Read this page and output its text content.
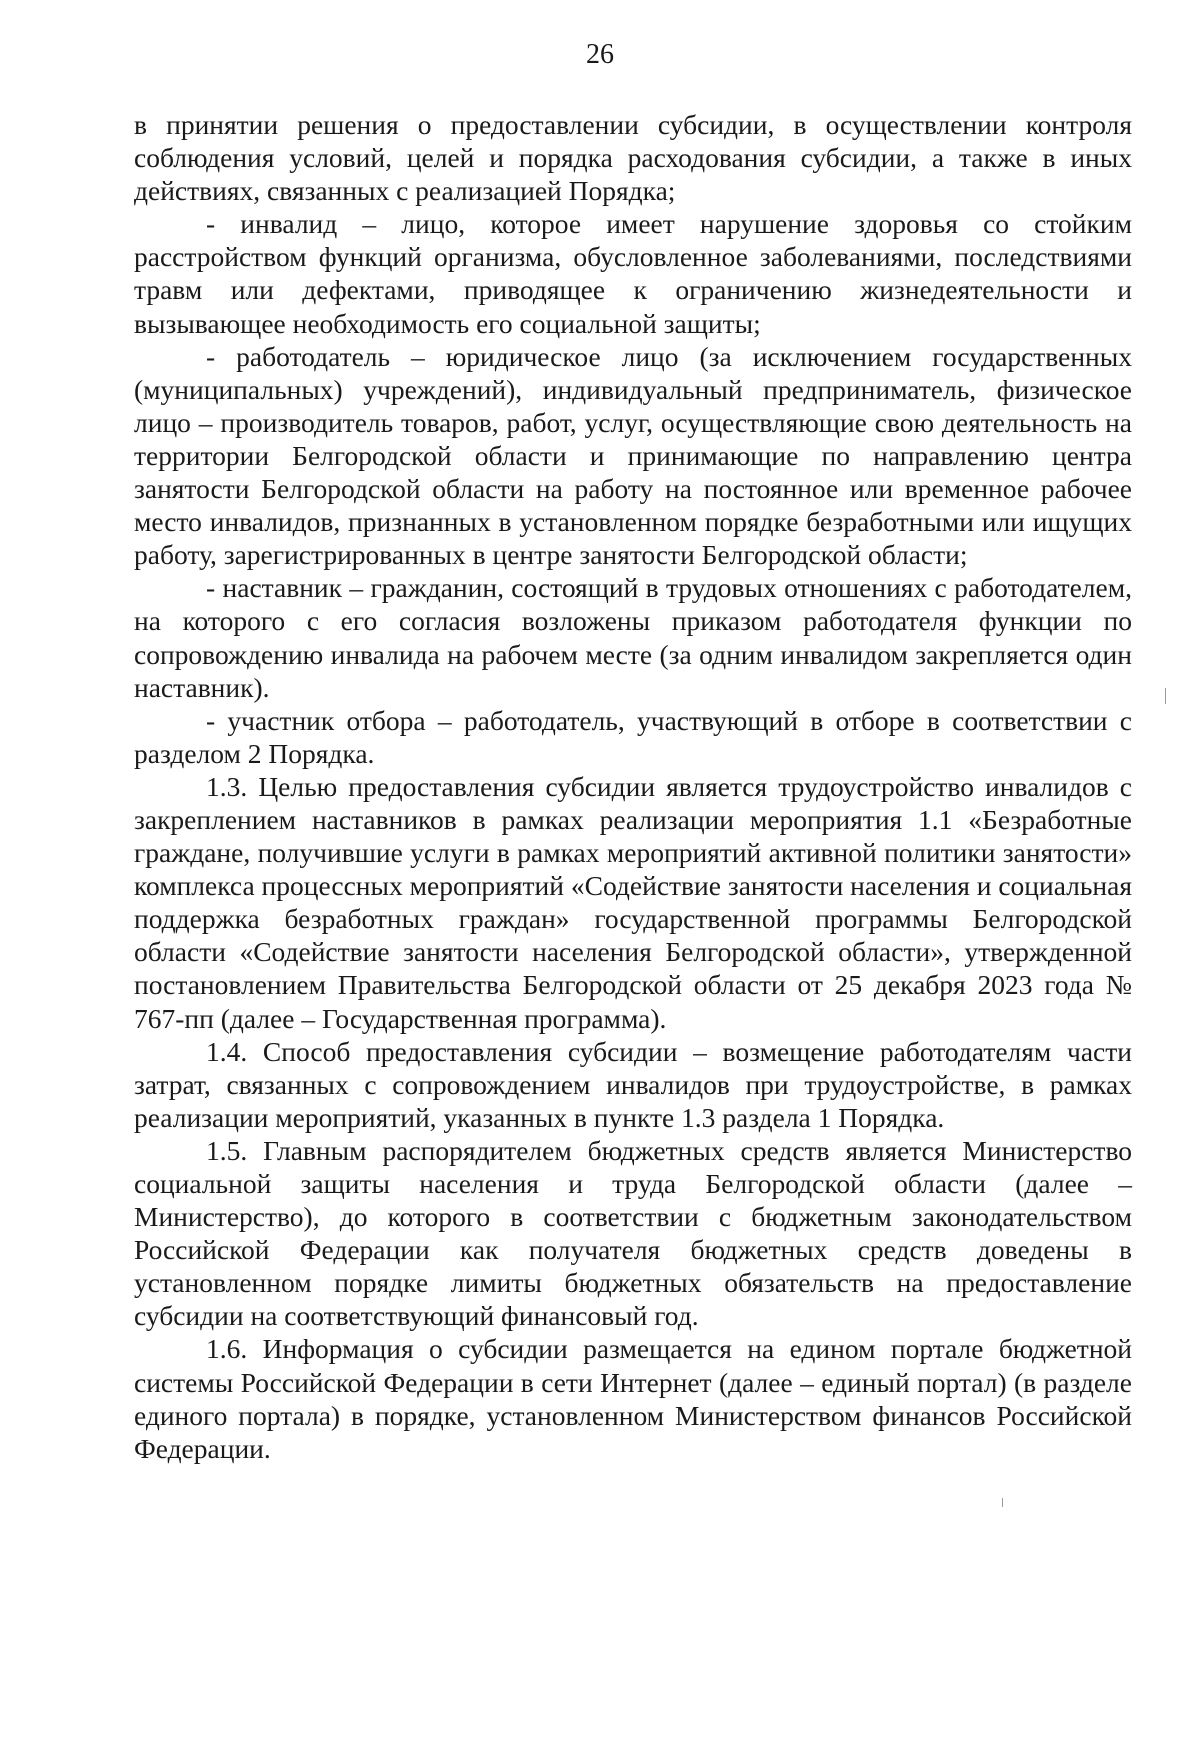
26

в принятии решения о предоставлении субсидии, в осуществлении контроля соблюдения условий, целей и порядка расходования субсидии, а также в иных действиях, связанных с реализацией Порядка;

- инвалид – лицо, которое имеет нарушение здоровья со стойким расстройством функций организма, обусловленное заболеваниями, последствиями травм или дефектами, приводящее к ограничению жизнедеятельности и вызывающее необходимость его социальной защиты;

- работодатель – юридическое лицо (за исключением государственных (муниципальных) учреждений), индивидуальный предприниматель, физическое лицо – производитель товаров, работ, услуг, осуществляющие свою деятельность на территории Белгородской области и принимающие по направлению центра занятости Белгородской области на работу на постоянное или временное рабочее место инвалидов, признанных в установленном порядке безработными или ищущих работу, зарегистрированных в центре занятости Белгородской области;

- наставник – гражданин, состоящий в трудовых отношениях с работодателем, на которого с его согласия возложены приказом работодателя функции по сопровождению инвалида на рабочем месте (за одним инвалидом закрепляется один наставник).

- участник отбора – работодатель, участвующий в отборе в соответствии с разделом 2 Порядка.

1.3. Целью предоставления субсидии является трудоустройство инвалидов с закреплением наставников в рамках реализации мероприятия 1.1 «Безработные граждане, получившие услуги в рамках мероприятий активной политики занятости» комплекса процессных мероприятий «Содействие занятости населения и социальная поддержка безработных граждан» государственной программы Белгородской области «Содействие занятости населения Белгородской области», утвержденной постановлением Правительства Белгородской области от 25 декабря 2023 года № 767-пп (далее – Государственная программа).

1.4. Способ предоставления субсидии – возмещение работодателям части затрат, связанных с сопровождением инвалидов при трудоустройстве, в рамках реализации мероприятий, указанных в пункте 1.3 раздела 1 Порядка.

1.5. Главным распорядителем бюджетных средств является Министерство социальной защиты населения и труда Белгородской области (далее – Министерство), до которого в соответствии с бюджетным законодательством Российской Федерации как получателя бюджетных средств доведены в установленном порядке лимиты бюджетных обязательств на предоставление субсидии на соответствующий финансовый год.

1.6. Информация о субсидии размещается на едином портале бюджетной системы Российской Федерации в сети Интернет (далее – единый портал) (в разделе единого портала) в порядке, установленном Министерством финансов Российской Федерации.
